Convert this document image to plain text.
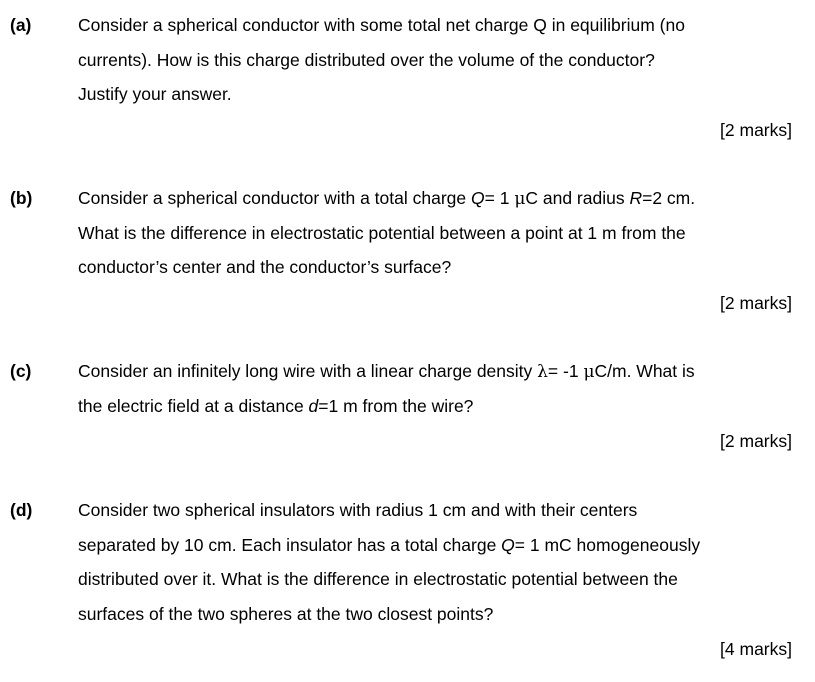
(a)	Consider a spherical conductor with some total net charge Q in equilibrium (no
currents). How is this charge distributed over the volume of the conductor?
Justify your answer.
[2 marks]
(b)	Consider a spherical conductor with a total charge Q= 1 μC and radius R=2 cm.
What is the difference in electrostatic potential between a point at 1 m from the
conductor’s center and the conductor’s surface?
[2 marks]
(c)	Consider an infinitely long wire with a linear charge density λ= -1 μC/m. What is
the electric field at a distance d=1 m from the wire?
[2 marks]
(d)	Consider two spherical insulators with radius 1 cm and with their centers
separated by 10 cm. Each insulator has a total charge Q= 1 mC homogeneously
distributed over it. What is the difference in electrostatic potential between the
surfaces of the two spheres at the two closest points?
[4 marks]
